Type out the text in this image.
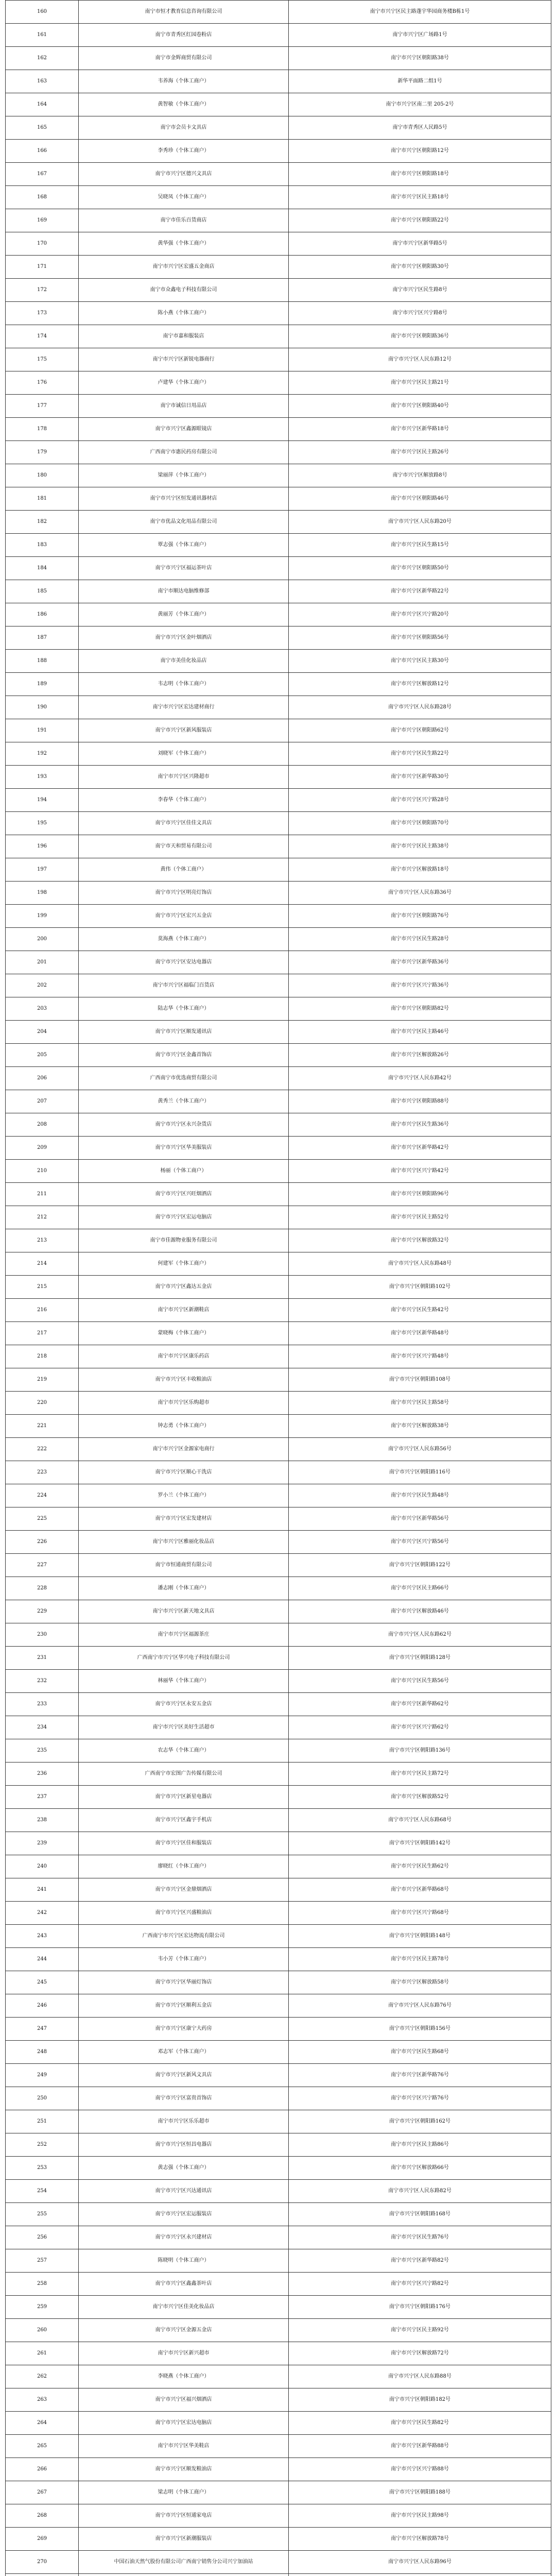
160	南宁市恒才教育信息咨询有限公司	南宁市兴宁区民主路蓬宇华园商务楼B栋1号
161	南宁市青秀区红园卷粉店	南宁市兴宁区广场路1号
162	南宁市金辉商贸有限公司	南宁市兴宁区朝阳路38号
163	韦养海（个体工商户）	新华平面路二组1号
164	黄智敏（个体工商户）	南宁市兴宁区南二里 205-2号
165	南宁市会员卡文具店	南宁市青秀区人民路5号
166	李秀珍（个体工商户）	南宁市兴宁区朝阳路12号
167	南宁市兴宁区德兴文具店	南宁市兴宁区朝阳路18号
168	吴晓凤（个体工商户）	南宁市兴宁区民主路18号
169	南宁市佳乐百货商店	南宁市兴宁区朝阳路22号
170	黄华强（个体工商户）	南宁市兴宁区新华路5号
171	南宁市兴宁区宏盛五金商店	南宁市兴宁区朝阳路30号
172	南宁市众鑫电子科技有限公司	南宁市兴宁区民生路8号
173	陈小燕（个体工商户）	南宁市兴宁区兴宁路8号
174	南宁市嘉和服装店	南宁市兴宁区朝阳路36号
175	南宁市兴宁区新锐电器商行	南宁市兴宁区人民东路12号
176	卢建华（个体工商户）	南宁市兴宁区民主路21号
177	南宁市诚信日用品店	南宁市兴宁区朝阳路40号
178	南宁市兴宁区鑫源眼镜店	南宁市兴宁区新华路18号
179	广西南宁市惠民药房有限公司	南宁市兴宁区民主路26号
180	梁丽萍（个体工商户）	南宁市兴宁区解放路8号
181	南宁市兴宁区恒发通讯器材店	南宁市兴宁区朝阳路46号
182	南宁市优品文化用品有限公司	南宁市兴宁区人民东路20号
183	覃志强（个体工商户）	南宁市兴宁区民生路15号
184	南宁市兴宁区福运茶叶店	南宁市兴宁区朝阳路50号
185	南宁市顺达电脑维修部	南宁市兴宁区新华路22号
186	黄丽芳（个体工商户）	南宁市兴宁区兴宁路20号
187	南宁市兴宁区金叶烟酒店	南宁市兴宁区朝阳路56号
188	南宁市美佳化妆品店	南宁市兴宁区民主路30号
189	韦志明（个体工商户）	南宁市兴宁区解放路12号
190	南宁市兴宁区宏达建材商行	南宁市兴宁区人民东路28号
191	南宁市兴宁区新风服装店	南宁市兴宁区朝阳路62号
192	刘晓军（个体工商户）	南宁市兴宁区民生路22号
193	南宁市兴宁区兴隆超市	南宁市兴宁区新华路30号
194	李春华（个体工商户）	南宁市兴宁区兴宁路28号
195	南宁市兴宁区佳佳文具店	南宁市兴宁区朝阳路70号
196	南宁市天和贸易有限公司	南宁市兴宁区民主路38号
197	黄伟（个体工商户）	南宁市兴宁区解放路18号
198	南宁市兴宁区明亮灯饰店	南宁市兴宁区人民东路36号
199	南宁市兴宁区宏兴五金店	南宁市兴宁区朝阳路76号
200	莫海燕（个体工商户）	南宁市兴宁区民生路28号
201	南宁市兴宁区安达电器店	南宁市兴宁区新华路36号
202	南宁市兴宁区福临门百货店	南宁市兴宁区兴宁路36号
203	陆志华（个体工商户）	南宁市兴宁区朝阳路82号
204	南宁市兴宁区顺发通讯店	南宁市兴宁区民主路46号
205	南宁市兴宁区金鑫首饰店	南宁市兴宁区解放路26号
206	广西南宁市优选商贸有限公司	南宁市兴宁区人民东路42号
207	黄秀兰（个体工商户）	南宁市兴宁区朝阳路88号
208	南宁市兴宁区永兴杂货店	南宁市兴宁区民生路36号
209	南宁市兴宁区华美服装店	南宁市兴宁区新华路42号
210	杨丽（个体工商户）	南宁市兴宁区兴宁路42号
211	南宁市兴宁区兴旺烟酒店	南宁市兴宁区朝阳路96号
212	南宁市兴宁区宏运电脑店	南宁市兴宁区民主路52号
213	南宁市佳源物业服务有限公司	南宁市兴宁区解放路32号
214	何建军（个体工商户）	南宁市兴宁区人民东路48号
215	南宁市兴宁区鑫达五金店	南宁市兴宁区朝阳路102号
216	南宁市兴宁区新潮鞋店	南宁市兴宁区民生路42号
217	蒙晓梅（个体工商户）	南宁市兴宁区新华路48号
218	南宁市兴宁区康乐药店	南宁市兴宁区兴宁路48号
219	南宁市兴宁区丰收粮油店	南宁市兴宁区朝阳路108号
220	南宁市兴宁区乐购超市	南宁市兴宁区民主路58号
221	钟志勇（个体工商户）	南宁市兴宁区解放路38号
222	南宁市兴宁区金源家电商行	南宁市兴宁区人民东路56号
223	南宁市兴宁区顺心干洗店	南宁市兴宁区朝阳路116号
224	罗小兰（个体工商户）	南宁市兴宁区民生路48号
225	南宁市兴宁区宏发建材店	南宁市兴宁区新华路56号
226	南宁市兴宁区雅丽化妆品店	南宁市兴宁区兴宁路56号
227	南宁市恒通商贸有限公司	南宁市兴宁区朝阳路122号
228	潘志刚（个体工商户）	南宁市兴宁区民主路66号
229	南宁市兴宁区新天地文具店	南宁市兴宁区解放路46号
230	南宁市兴宁区福源茶庄	南宁市兴宁区人民东路62号
231	广西南宁市兴宁区华兴电子科技有限公司	南宁市兴宁区朝阳路128号
232	林丽华（个体工商户）	南宁市兴宁区民生路56号
233	南宁市兴宁区永安五金店	南宁市兴宁区新华路62号
234	南宁市兴宁区美好生活超市	南宁市兴宁区兴宁路62号
235	农志华（个体工商户）	南宁市兴宁区朝阳路136号
236	广西南宁市宏图广告传媒有限公司	南宁市兴宁区民主路72号
237	南宁市兴宁区新星电器店	南宁市兴宁区解放路52号
238	南宁市兴宁区鑫宇手机店	南宁市兴宁区人民东路68号
239	南宁市兴宁区佳和服装店	南宁市兴宁区朝阳路142号
240	廖晓红（个体工商户）	南宁市兴宁区民生路62号
241	南宁市兴宁区金鼎烟酒店	南宁市兴宁区新华路68号
242	南宁市兴宁区兴盛粮油店	南宁市兴宁区兴宁路68号
243	广西南宁市兴宁区宏达物流有限公司	南宁市兴宁区朝阳路148号
244	韦小芳（个体工商户）	南宁市兴宁区民主路78号
245	南宁市兴宁区华丽灯饰店	南宁市兴宁区解放路58号
246	南宁市兴宁区顺利五金店	南宁市兴宁区人民东路76号
247	南宁市兴宁区康宁大药房	南宁市兴宁区朝阳路156号
248	邓志军（个体工商户）	南宁市兴宁区民生路68号
249	南宁市兴宁区新风文具店	南宁市兴宁区新华路76号
250	南宁市兴宁区富贵首饰店	南宁市兴宁区兴宁路76号
251	南宁市兴宁区乐乐超市	南宁市兴宁区朝阳路162号
252	南宁市兴宁区恒昌电器店	南宁市兴宁区民主路86号
253	黄志强（个体工商户）	南宁市兴宁区解放路66号
254	南宁市兴宁区兴达通讯店	南宁市兴宁区人民东路82号
255	南宁市兴宁区宏运服装店	南宁市兴宁区朝阳路168号
256	南宁市兴宁区永兴建材店	南宁市兴宁区民生路76号
257	陈晓明（个体工商户）	南宁市兴宁区新华路82号
258	南宁市兴宁区鑫鑫茶叶店	南宁市兴宁区兴宁路82号
259	南宁市兴宁区佳美化妆品店	南宁市兴宁区朝阳路176号
260	南宁市兴宁区金源五金店	南宁市兴宁区民主路92号
261	南宁市兴宁区新兴超市	南宁市兴宁区解放路72号
262	李晓燕（个体工商户）	南宁市兴宁区人民东路88号
263	南宁市兴宁区福兴烟酒店	南宁市兴宁区朝阳路182号
264	南宁市兴宁区宏达电脑店	南宁市兴宁区民生路82号
265	南宁市兴宁区华美鞋店	南宁市兴宁区新华路88号
266	南宁市兴宁区顺发粮油店	南宁市兴宁区兴宁路88号
267	梁志明（个体工商户）	南宁市兴宁区朝阳路188号
268	南宁市兴宁区恒通家电店	南宁市兴宁区民主路98号
269	南宁市兴宁区新潮服装店	南宁市兴宁区解放路78号
270	中国石油天然气股份有限公司广西南宁销售分公司兴宁加油站	南宁市兴宁区人民东路96号
